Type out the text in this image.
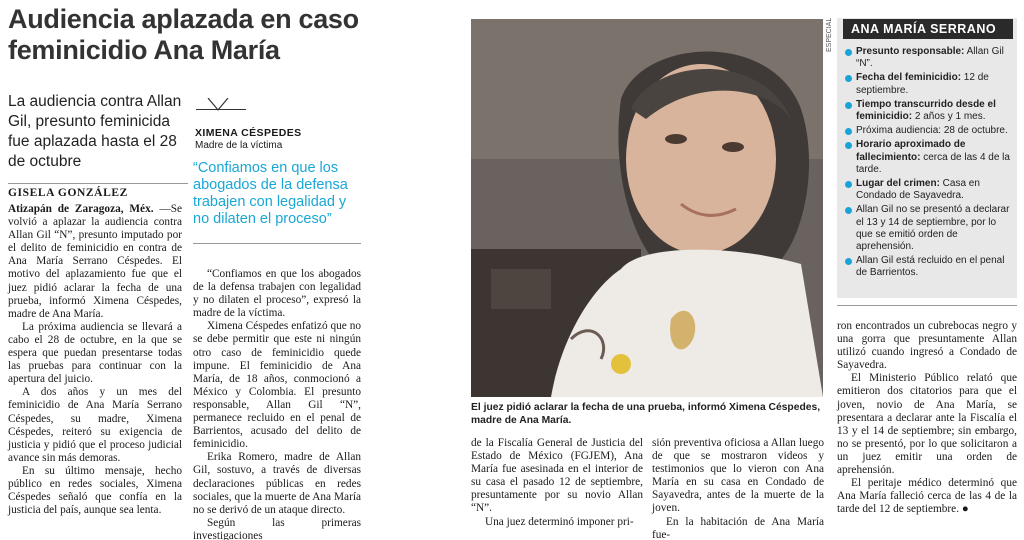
Audiencia aplazada en caso feminicidio Ana María

La audiencia contra Allan Gil, presunto feminicida fue aplazada hasta el 28 de octubre

GISELA GONZÁLEZ

Atizapán de Zaragoza, Méx. —Se volvió a aplazar la audiencia contra Allan Gil “N”, presunto imputado por el delito de feminicidio en contra de Ana María Serrano Céspedes. El motivo del aplazamiento fue que el juez pidió aclarar la fecha de una prueba, informó Ximena Céspedes, madre de Ana María.

La próxima audiencia se llevará a cabo el 28 de octubre, en la que se espera que puedan presentarse todas las pruebas para continuar con la apertura del juicio.

A dos años y un mes del feminicidio de Ana María Serrano Céspedes, su madre, Ximena Céspedes, reiteró su exigencia de justicia y pidió que el proceso judicial avance sin más demoras.

En su último mensaje, hecho público en redes sociales, Ximena Céspedes señaló que confía en la justicia del país, aunque sea lenta.

XIMENA CÉSPEDES
Madre de la víctima
“Confiamos en que los abogados de la defensa trabajen con legalidad y no dilaten el proceso”

“Confiamos en que los abogados de la defensa trabajen con legalidad y no dilaten el proceso”, expresó la madre de la víctima.

Ximena Céspedes enfatizó que no se debe permitir que este ni ningún otro caso de feminicidio quede impune. El feminicidio de Ana María, de 18 años, conmocionó a México y Colombia. El presunto responsable, Allan Gil “N”, permanece recluido en el penal de Barrientos, acusado del delito de feminicidio.

Erika Romero, madre de Allan Gil, sostuvo, a través de diversas declaraciones públicas en redes sociales, que la muerte de Ana María no se derivó de un ataque directo.

Según las primeras investigaciones

ESPECIAL
El juez pidió aclarar la fecha de una prueba, informó Ximena Céspedes, madre de Ana María.

de la Fiscalía General de Justicia del Estado de México (FGJEM), Ana María fue asesinada en el interior de su casa el pasado 12 de septiembre, presuntamente por su novio Allan “N”.

Una juez determinó imponer pri-

sión preventiva oficiosa a Allan luego de que se mostraron videos y testimonios que lo vieron con Ana María en su casa en Condado de Sayavedra, antes de la muerte de la joven.

En la habitación de Ana María fue-

ANA MARÍA SERRANO
Presunto responsable: Allan Gil “N”.
Fecha del feminicidio: 12 de septiembre.
Tiempo transcurrido desde el feminicidio: 2 años y 1 mes.
Próxima audiencia: 28 de octubre.
Horario aproximado de fallecimiento: cerca de las 4 de la tarde.
Lugar del crimen: Casa en Condado de Sayavedra.
Allan Gil no se presentó a declarar el 13 y 14 de septiembre, por lo que se emitió orden de aprehensión.
Allan Gil está recluido en el penal de Barrientos.

ron encontrados un cubrebocas negro y una gorra que presuntamente Allan utilizó cuando ingresó a Condado de Sayavedra.

El Ministerio Público relató que emitieron dos citatorios para que el joven, novio de Ana María, se presentara a declarar ante la Fiscalía el 13 y el 14 de septiembre; sin embargo, no se presentó, por lo que solicitaron a un juez emitir una orden de aprehensión.

El peritaje médico determinó que Ana María falleció cerca de las 4 de la tarde del 12 de septiembre. ●
